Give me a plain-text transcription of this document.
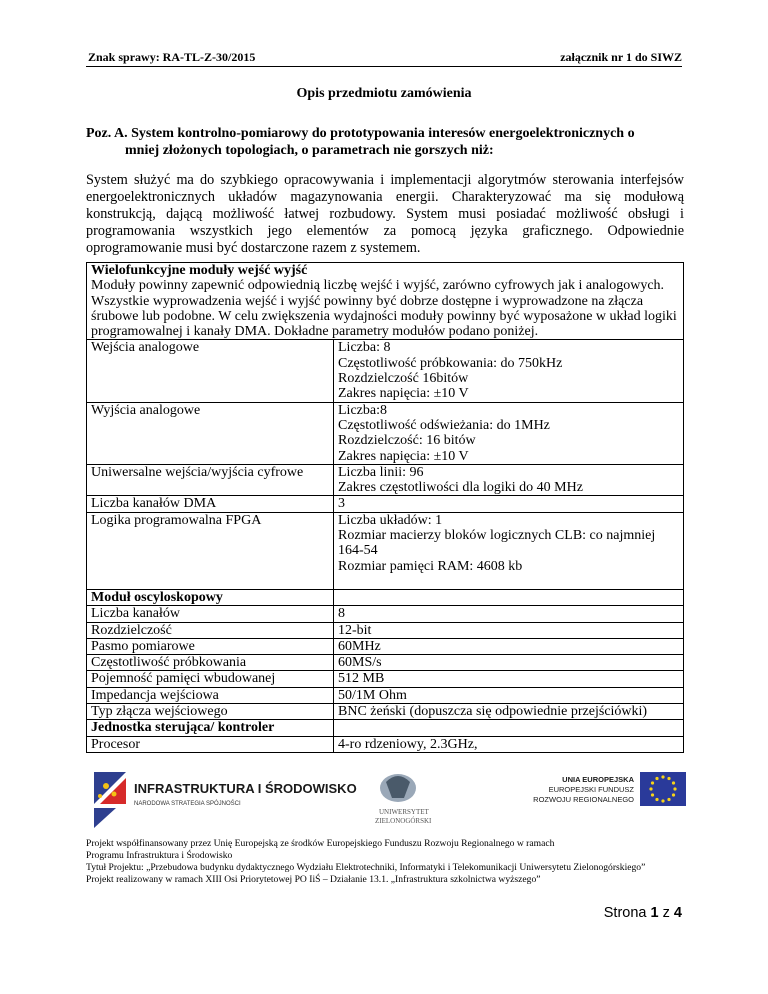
Znak sprawy: RA-TL-Z-30/2015	załącznik nr 1 do SIWZ
Opis przedmiotu zamówienia
Poz. A. System kontrolno-pomiarowy do prototypowania interesów energoelektronicznych o
mniej złożonych topologiach, o parametrach nie gorszych niż:
System służyć ma do szybkiego opracowywania i implementacji algorytmów sterowania interfejsów energoelektronicznych układów magazynowania energii. Charakteryzować ma się modułową konstrukcją, dającą możliwość łatwej rozbudowy. System musi posiadać możliwość obsługi i programowania wszystkich jego elementów za pomocą języka graficznego. Odpowiednie oprogramowanie musi być dostarczone razem z systemem.
Wielofunkcyjne moduły wejść wyjść
Moduły powinny zapewnić odpowiednią liczbę wejść i wyjść, zarówno cyfrowych jak i analogowych. Wszystkie wyprowadzenia wejść i wyjść powinny być dobrze dostępne i wyprowadzone na złącza śrubowe lub podobne. W celu zwiększenia wydajności moduły powinny być wyposażone w układ logiki programowalnej i kanały DMA. Dokładne parametry modułów podano poniżej.	

Wejścia analogowe	Liczba: 8
Częstotliwość próbkowania: do 750kHz
Rozdzielczość 16bitów
Zakres napięcia: ±10 V

Wyjścia analogowe	Liczba:8
Częstotliwość odświeżania: do 1MHz
Rozdzielczość: 16 bitów
Zakres napięcia: ±10 V

Uniwersalne wejścia/wyjścia cyfrowe	Liczba linii: 96
Zakres częstotliwości dla logiki do 40 MHz

Liczba kanałów DMA	3

Logika programowalna FPGA	Liczba układów: 1
Rozmiar macierzy bloków logicznych CLB: co najmniej 164-54
Rozmiar pamięci RAM: 4608 kb

Moduł oscyloskopowy	
Liczba kanałów	8
Rozdzielczość	12-bit
Pasmo pomiarowe	60MHz
Częstotliwość próbkowania	60MS/s
Pojemność pamięci wbudowanej	512 MB
Impedancja wejściowa	50/1M Ohm
Typ złącza wejściowego	BNC żeński (dopuszcza się odpowiednie przejściówki)
Jednostka sterująca/ kontroler	
Procesor	4-ro rdzeniowy, 2.3GHz,
INFRASTRUKTURA I ŚRODOWISKO
NARODOWA STRATEGIA SPÓJNOŚCI
UNIWERSYTET
ZIELONOGÓRSKI
UNIA EUROPEJSKA
EUROPEJSKI FUNDUSZ
ROZWOJU REGIONALNEGO
Projekt współfinansowany przez Unię Europejską ze środków Europejskiego Funduszu Rozwoju Regionalnego w ramach
Programu Infrastruktura i Środowisko
Tytuł Projektu: „Przebudowa budynku dydaktycznego Wydziału Elektrotechniki, Informatyki i Telekomunikacji Uniwersytetu Zielonogórskiego”
Projekt realizowany w ramach XIII Osi Priorytetowej PO IiŚ – Działanie 13.1. „Infrastruktura szkolnictwa wyższego”
Strona 1 z 4
